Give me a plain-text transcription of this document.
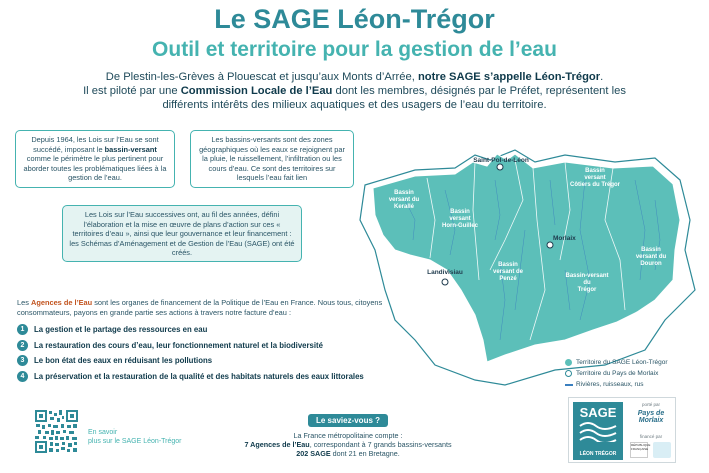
Le SAGE Léon-Trégor
Outil et territoire pour la gestion de l’eau
De Plestin-les-Grèves à Plouescat et jusqu’aux Monts d’Arrée, notre SAGE s’appelle Léon-Trégor.
Il est piloté par une Commission Locale de l’Eau dont les membres, désignés par le Préfet, représentent les différents intérêts des milieux aquatiques et des usagers de l’eau du territoire.
Depuis 1964, les Lois sur l’Eau se sont succédé, imposant le bassin-versant comme le périmètre le plus pertinent pour aborder toutes les problématiques liées à la gestion de l’eau.
Les bassins-versants sont des zones géographiques où les eaux se rejoignent par la pluie, le ruissellement, l’infiltration ou les cours d’eau. Ce sont des territoires sur lesquels l’eau fait lien
Les Lois sur l’Eau successives ont, au fil des années, défini l’élaboration et la mise en œuvre de plans d’action sur ces « territoires d’eau », ainsi que leur gouvernance et leur financement : les Schémas d’Aménagement et de Gestion de l’Eau (SAGE) ont été créés.
Les Agences de l’Eau sont les organes de financement de la Politique de l’Eau en France. Nous tous, citoyens consommateurs, payons en grande partie ses actions à travers notre facture d’eau :
1	La gestion et le partage des ressources en eau
2	La restauration des cours d’eau, leur fonctionnement naturel et la biodiversité
3	Le bon état des eaux en réduisant les pollutions
4	La préservation et la restauration de la qualité et des habitats naturels des eaux littorales
En savoir
plus sur le SAGE Léon-Trégor
Le saviez-vous ?
La France métropolitaine compte :
7 Agences de l’Eau, correspondant à 7 grands bassins-versants
202 SAGE dont 21 en Bretagne.
Saint-Pol-de-Léon
Morlaix
Landivisiau
Bassin
versant du
Kerallé
Bassin
versant
Horn-Guillec
Bassin
versant de
Penzé
Bassin
versant
Côtiers du Trégor
Bassin-versant
du
Trégor
Bassin
versant du
Douron
Territoire du SAGE Léon-Trégor
Territoire du Pays de Morlaix
Rivières, ruisseaux, rus
SAGE
LÉON TRÉGOR
porté par
Pays de Morlaix
financé par
RÉPUBLIQUE FRANÇAISE
